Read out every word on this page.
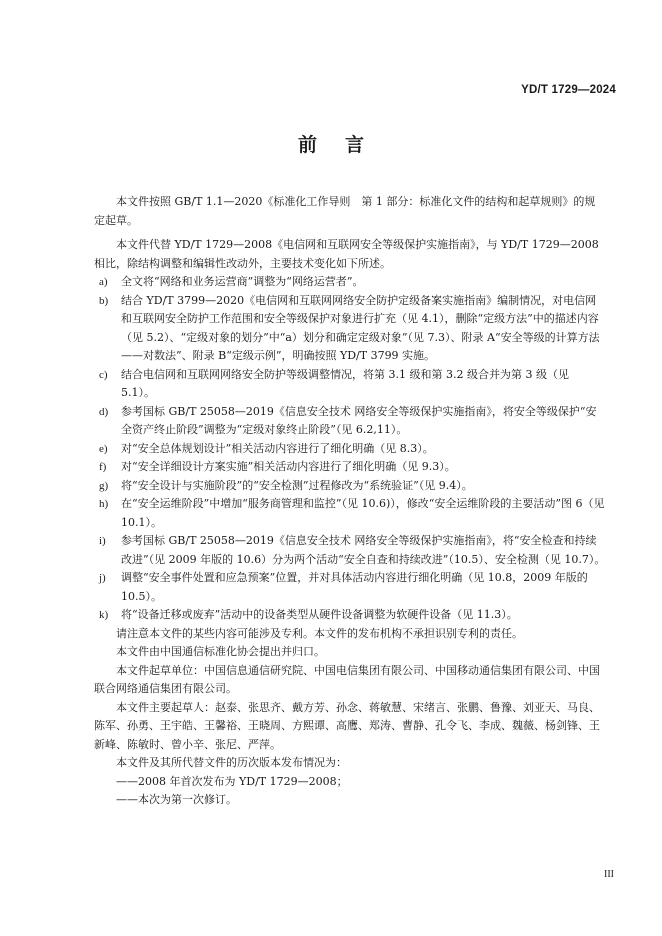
YD/T 1729—2024
前言

本文件按照 GB/T 1.1—2020《标准化工作导则　第 1 部分：标准化文件的结构和起草规则》的规定起草。

本文件代替 YD/T 1729—2008《电信网和互联网安全等级保护实施指南》，与 YD/T 1729—2008 相比，除结构调整和编辑性改动外，主要技术变化如下所述。

a) 全文将“网络和业务运营商”调整为“网络运营者”。

b) 结合 YD/T 3799—2020《电信网和互联网网络安全防护定级备案实施指南》编制情况，对电信网和互联网安全防护工作范围和安全等级保护对象进行扩充（见 4.1），删除“定级方法”中的描述内容（见 5.2）、“定级对象的划分”中“a）划分和确定定级对象”（见 7.3）、附录 A“安全等级的计算方法——对数法”、附录 B“定级示例”，明确按照 YD/T 3799 实施。

c) 结合电信网和互联网网络安全防护等级调整情况，将第 3.1 级和第 3.2 级合并为第 3 级（见 5.1）。

d) 参考国标 GB/T 25058—2019《信息安全技术 网络安全等级保护实施指南》，将安全等级保护“安全资产终止阶段”调整为“定级对象终止阶段”（见 6.2,11）。

e) 对“安全总体规划设计”相关活动内容进行了细化明确（见 8.3）。

f) 对“安全详细设计方案实施”相关活动内容进行了细化明确（见 9.3）。

g) 将“安全设计与实施阶段”的“安全检测”过程修改为“系统验证”（见 9.4）。

h) 在“安全运维阶段”中增加“服务商管理和监控”（见 10.6)），修改“安全运维阶段的主要活动”图 6（见 10.1）。

i) 参考国标 GB/T 25058—2019《信息安全技术 网络安全等级保护实施指南》，将“安全检查和持续改进”（见 2009 年版的 10.6）分为两个活动“安全自查和持续改进”（10.5）、安全检测（见 10.7）。

j) 调整“安全事件处置和应急预案”位置，并对具体活动内容进行细化明确（见 10.8，2009 年版的 10.5）。

k) 将“设备迁移或废弃”活动中的设备类型从硬件设备调整为软硬件设备（见 11.3）。

请注意本文件的某些内容可能涉及专利。本文件的发布机构不承担识别专利的责任。

本文件由中国通信标准化协会提出并归口。

本文件起草单位：中国信息通信研究院、中国电信集团有限公司、中国移动通信集团有限公司、中国联合网络通信集团有限公司。

本文件主要起草人：赵泰、张思齐、戴方芳、孙念、蒋敏慧、宋绪言、张鹏、鲁豫、刘亚天、马良、陈军、孙勇、王宇皓、王馨裕、王晓周、方熙谭、高鹰、郑涛、曹静、孔令飞、李成、魏薇、杨剑锋、王新峰、陈敏时、曾小辛、张尼、严萍。

本文件及其所代替文件的历次版本发布情况为：

——2008 年首次发布为 YD/T 1729—2008；

——本次为第一次修订。

III
